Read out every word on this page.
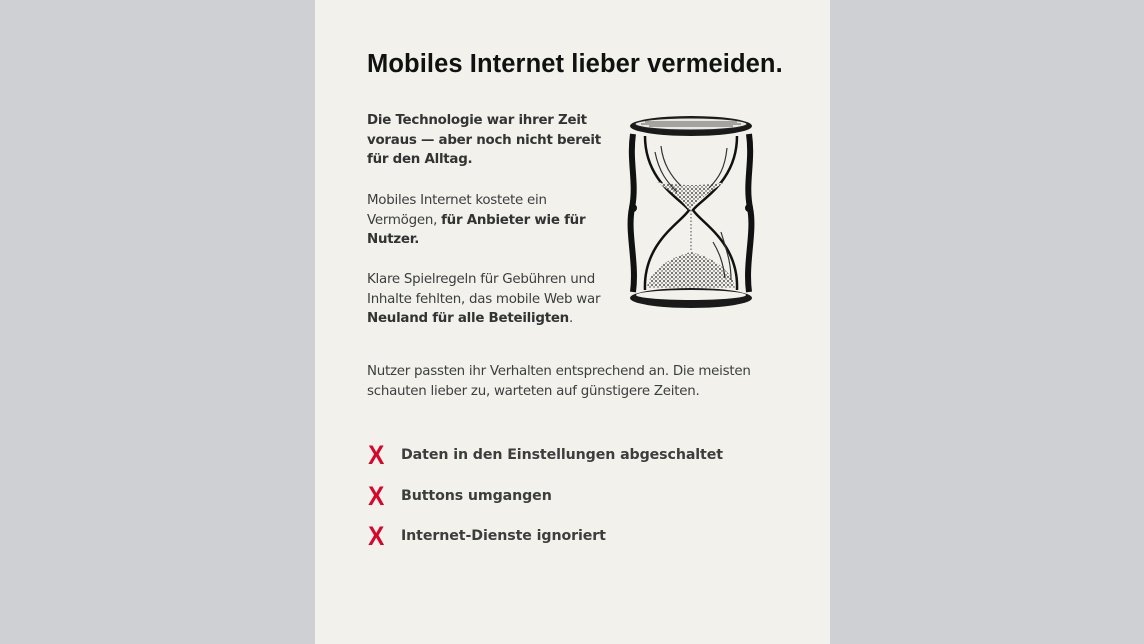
Mobiles Internet lieber vermeiden.
Die Technologie war ihrer Zeit voraus — aber noch nicht bereit für den Alltag.
Mobiles Internet kostete ein Vermögen, für Anbieter wie für Nutzer.
Klare Spielregeln für Gebühren und Inhalte fehlten, das mobile Web war Neuland für alle Beteiligten.
Nutzer passten ihr Verhalten entsprechend an. Die meisten schauten lieber zu, warteten auf günstigere Zeiten.
X Daten in den Einstellungen abgeschaltet
X Buttons umgangen
X Internet-Dienste ignoriert
